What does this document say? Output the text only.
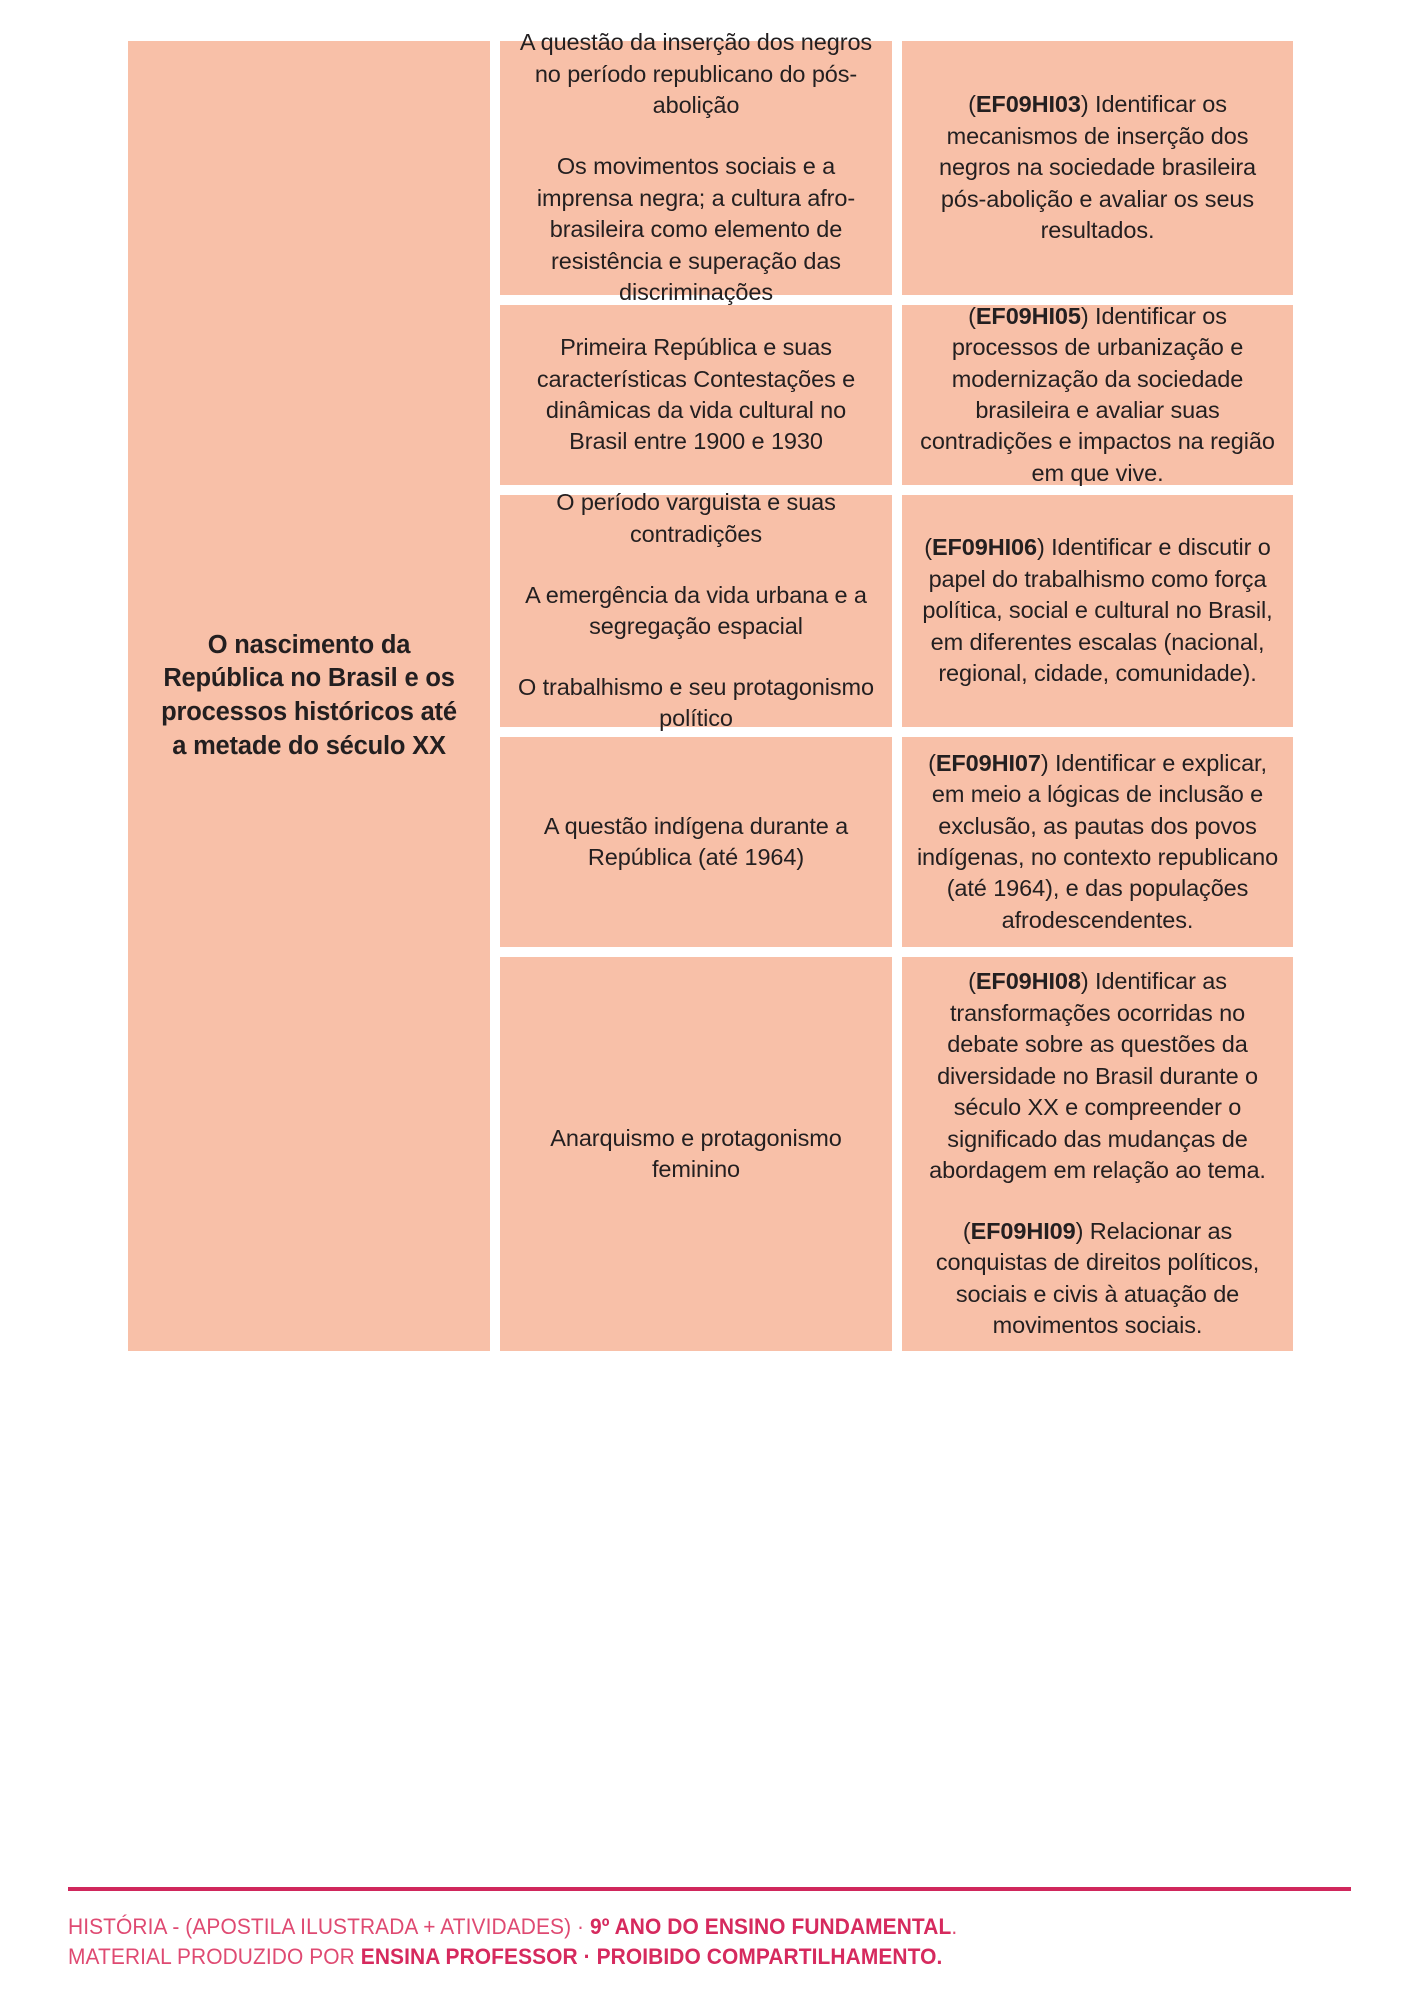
O nascimento da República no Brasil e os processos históricos até a metade do século XX

A questão da inserção dos negros no período republicano do pós-abolição

Os movimentos sociais e a imprensa negra; a cultura afro-brasileira como elemento de resistência e superação das discriminações

Primeira República e suas características Contestações e dinâmicas da vida cultural no Brasil entre 1900 e 1930

O período varguista e suas contradições

A emergência da vida urbana e a segregação espacial

O trabalhismo e seu protagonismo político

A questão indígena durante a República (até 1964)

Anarquismo e protagonismo feminino

(EF09HI03) Identificar os mecanismos de inserção dos negros na sociedade brasileira pós-abolição e avaliar os seus resultados.

(EF09HI05) Identificar os processos de urbanização e modernização da sociedade brasileira e avaliar suas contradições e impactos na região em que vive.

(EF09HI06) Identificar e discutir o papel do trabalhismo como força política, social e cultural no Brasil, em diferentes escalas (nacional, regional, cidade, comunidade).

(EF09HI07) Identificar e explicar, em meio a lógicas de inclusão e exclusão, as pautas dos povos indígenas, no contexto republicano (até 1964), e das populações afrodescendentes.

(EF09HI08) Identificar as transformações ocorridas no debate sobre as questões da diversidade no Brasil durante o século XX e compreender o significado das mudanças de abordagem em relação ao tema.

(EF09HI09) Relacionar as conquistas de direitos políticos, sociais e civis à atuação de movimentos sociais.

HISTÓRIA - (APOSTILA ILUSTRADA + ATIVIDADES) · 9º ANO DO ENSINO FUNDAMENTAL.
MATERIAL PRODUZIDO POR ENSINA PROFESSOR · PROIBIDO COMPARTILHAMENTO.
